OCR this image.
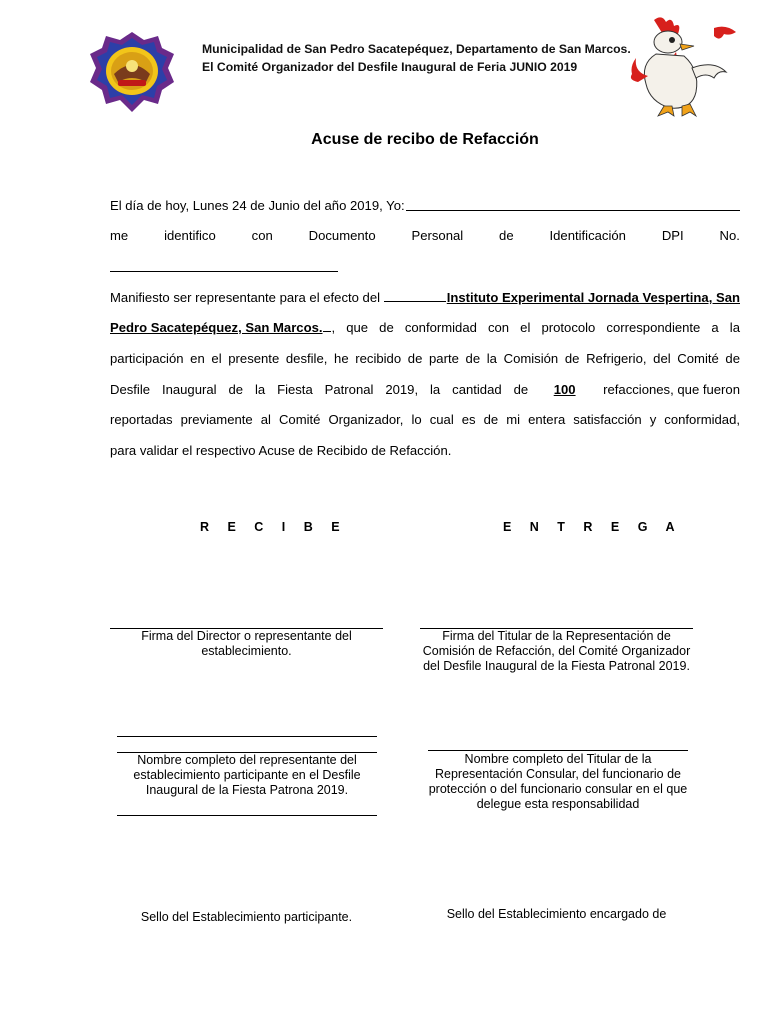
Municipalidad de San Pedro Sacatepéquez, Departamento de San Marcos.
El Comité Organizador del Desfile Inaugural de Feria JUNIO 2019
Acuse de recibo de Refacción
El día de hoy, Lunes 24 de Junio del año 2019, Yo:
me	identifico	con	Documento	Personal	de	Identificación	DPI	No.
Manifiesto ser representante para el efecto del	Instituto Experimental Jornada Vespertina, San
Pedro Sacatepéquez, San Marcos. , que de conformidad con el protocolo correspondiente a la
participación en el presente desfile, he recibido de parte de la Comisión de Refrigerio, del Comité de
Desfile Inaugural de la Fiesta Patronal 2019, la cantidad de	100	refacciones, que fueron
reportadas previamente al Comité Organizador, lo cual es de mi entera satisfacción y conformidad,
para validar el respectivo Acuse de Recibido de Refacción.
R E C I B E	E N T R E G A
Firma del Director o representante del establecimiento.
Firma del Titular de la Representación de Comisión de Refacción, del Comité Organizador del Desfile Inaugural de la Fiesta Patronal 2019.
Nombre completo del representante del establecimiento participante en el Desfile Inaugural de la Fiesta Patrona 2019.
Nombre completo del Titular de la Representación Consular, del funcionario de protección o del funcionario consular en el que delegue esta responsabilidad
Sello del Establecimiento participante.	Sello del Establecimiento encargado de
